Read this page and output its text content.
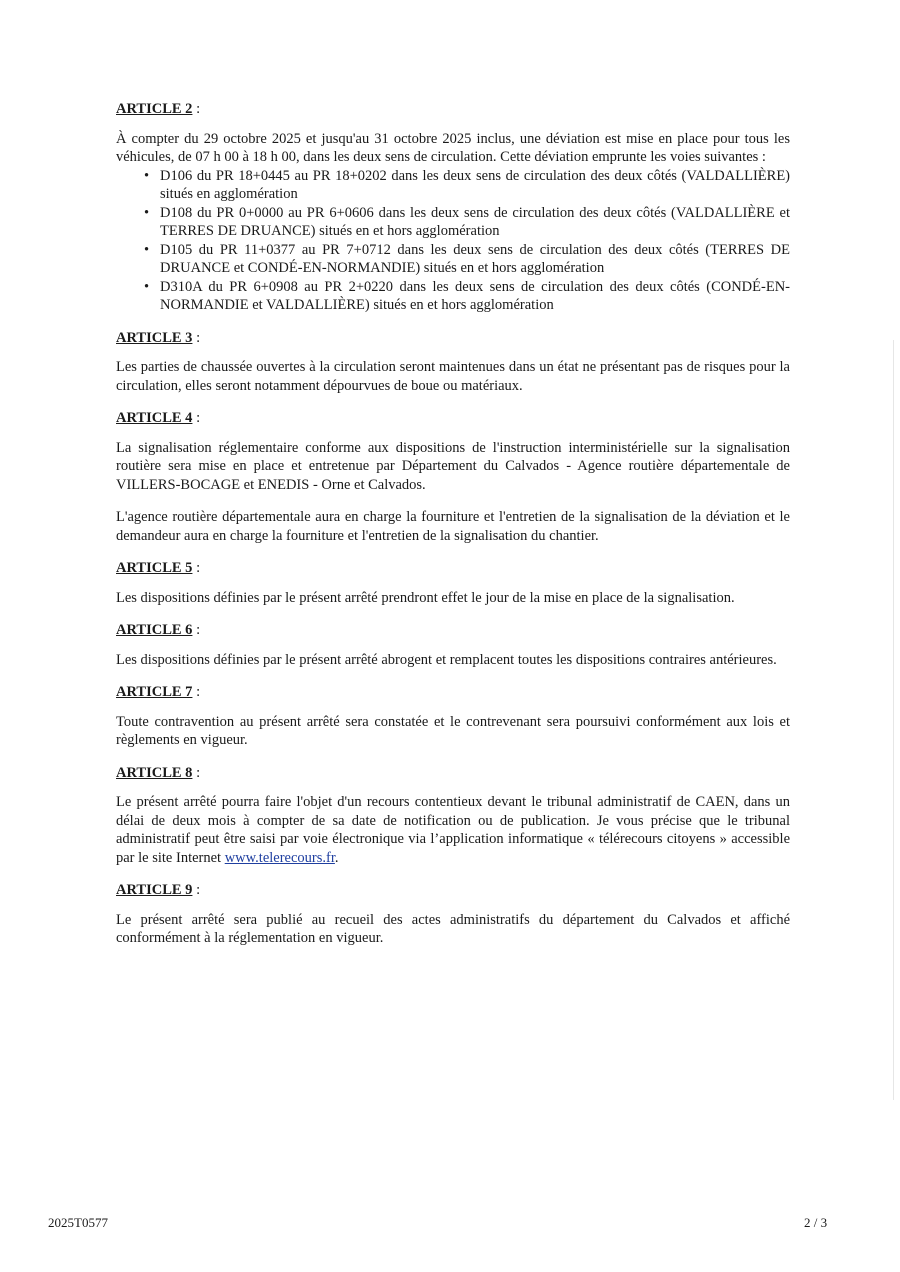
ARTICLE 2 :

À compter du 29 octobre 2025 et jusqu'au 31 octobre 2025 inclus, une déviation est mise en place pour tous les véhicules, de 07 h 00 à 18 h 00, dans les deux sens de circulation. Cette déviation emprunte les voies suivantes :

• D106 du PR 18+0445 au PR 18+0202 dans les deux sens de circulation des deux côtés (VALDALLIÈRE) situés en agglomération
• D108 du PR 0+0000 au PR 6+0606 dans les deux sens de circulation des deux côtés (VALDALLIÈRE et TERRES DE DRUANCE) situés en et hors agglomération
• D105 du PR 11+0377 au PR 7+0712 dans les deux sens de circulation des deux côtés (TERRES DE DRUANCE et CONDÉ-EN-NORMANDIE) situés en et hors agglomération
• D310A du PR 6+0908 au PR 2+0220 dans les deux sens de circulation des deux côtés (CONDÉ-EN-NORMANDIE et VALDALLIÈRE) situés en et hors agglomération
ARTICLE 3 :

Les parties de chaussée ouvertes à la circulation seront maintenues dans un état ne présentant pas de risques pour la circulation, elles seront notamment dépourvues de boue ou matériaux.

ARTICLE 4 :

La signalisation réglementaire conforme aux dispositions de l'instruction interministérielle sur la signalisation routière sera mise en place et entretenue par Département du Calvados - Agence routière départementale de VILLERS-BOCAGE et ENEDIS - Orne et Calvados.

L'agence routière départementale aura en charge la fourniture et l'entretien de la signalisation de la déviation et le demandeur aura en charge la fourniture et l'entretien de la signalisation du chantier.

ARTICLE 5 :

Les dispositions définies par le présent arrêté prendront effet le jour de la mise en place de la signalisation.

ARTICLE 6 :

Les dispositions définies par le présent arrêté abrogent et remplacent toutes les dispositions contraires antérieures.

ARTICLE 7 :

Toute contravention au présent arrêté sera constatée et le contrevenant sera poursuivi conformément aux lois et règlements en vigueur.

ARTICLE 8 :

Le présent arrêté pourra faire l'objet d'un recours contentieux devant le tribunal administratif de CAEN, dans un délai de deux mois à compter de sa date de notification ou de publication. Je vous précise que le tribunal administratif peut être saisi par voie électronique via l’application informatique « télérecours citoyens » accessible par le site Internet www.telerecours.fr.

ARTICLE 9 :

Le présent arrêté sera publié au recueil des actes administratifs du département du Calvados et affiché conformément à la réglementation en vigueur.

2025T0577	2 / 3
